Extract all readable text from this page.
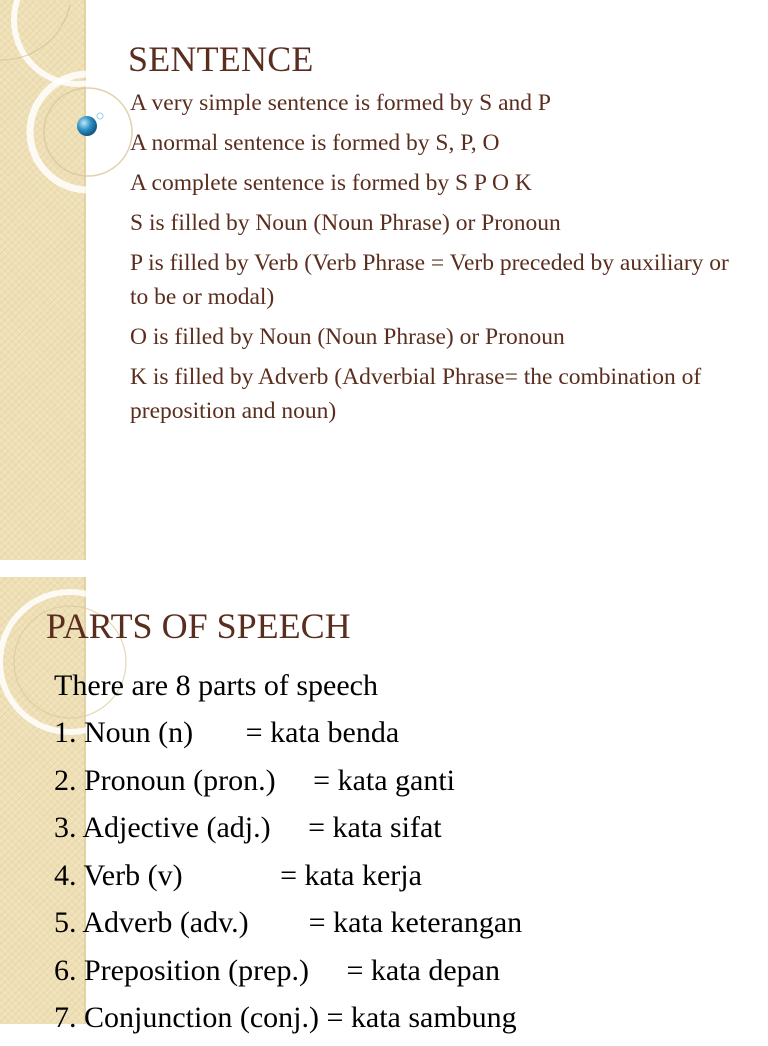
SENTENCE
A very simple sentence is formed by S and P
A normal sentence is formed by S, P, O
A complete sentence is formed by S P O K
S is filled by Noun (Noun Phrase) or Pronoun
P is filled by Verb (Verb Phrase = Verb preceded by auxiliary or to be or modal)
O is filled by Noun (Noun Phrase) or Pronoun
K is filled by Adverb (Adverbial Phrase= the combination of preposition and noun)
PARTS OF SPEECH

There are 8 parts of speech

1. Noun (n)       = kata benda
2. Pronoun (pron.)     = kata ganti
3. Adjective (adj.)     = kata sifat
4. Verb (v)             = kata kerja
5. Adverb (adv.)        = kata keterangan
6. Preposition (prep.)     = kata depan
7. Conjunction (conj.) = kata sambung
